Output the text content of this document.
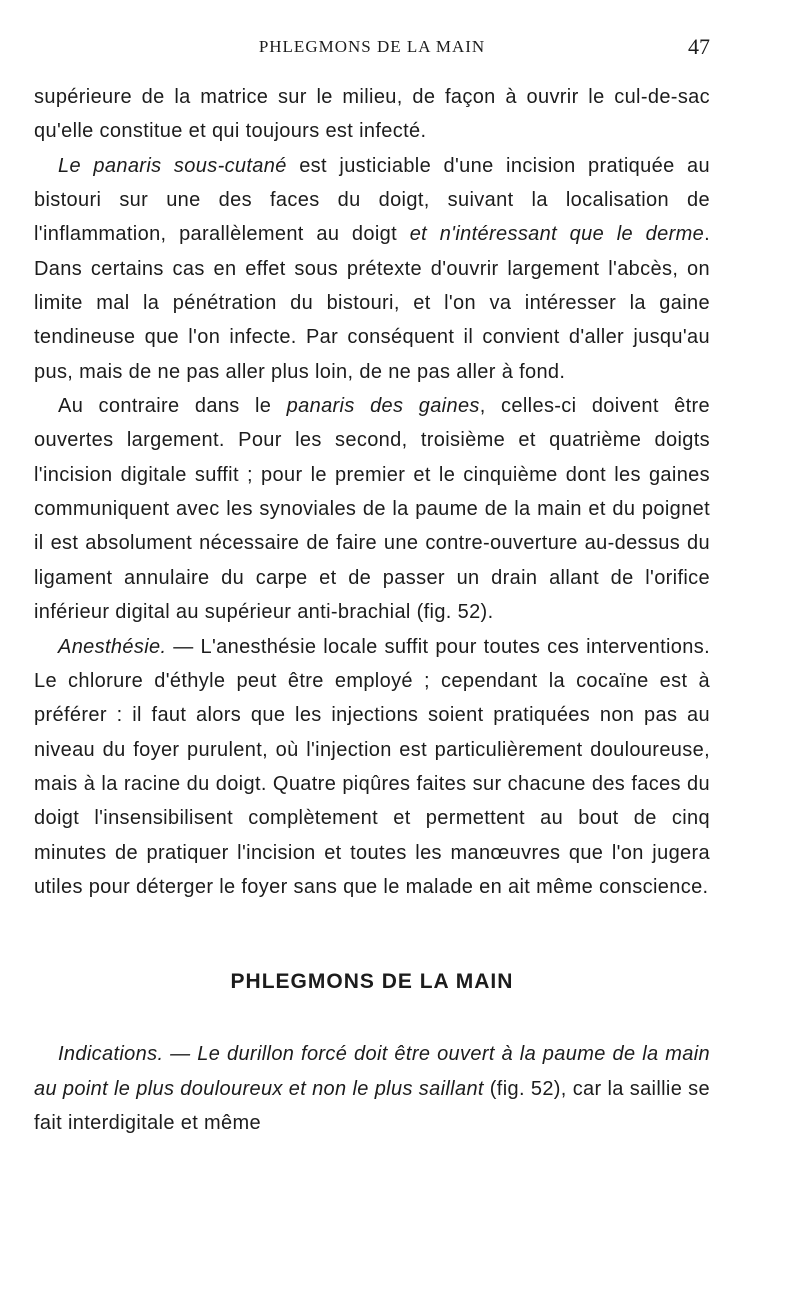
PHLEGMONS DE LA MAIN	47

supérieure de la matrice sur le milieu, de façon à ouvrir le cul-de-sac qu'elle constitue et qui toujours est infecté.

Le panaris sous-cutané est justiciable d'une incision pratiquée au bistouri sur une des faces du doigt, suivant la localisation de l'inflammation, parallèlement au doigt et n'intéressant que le derme. Dans certains cas en effet sous prétexte d'ouvrir largement l'abcès, on limite mal la pénétration du bistouri, et l'on va intéresser la gaine tendineuse que l'on infecte. Par conséquent il convient d'aller jusqu'au pus, mais de ne pas aller plus loin, de ne pas aller à fond.

Au contraire dans le panaris des gaines, celles-ci doivent être ouvertes largement. Pour les second, troisième et quatrième doigts l'incision digitale suffit ; pour le premier et le cinquième dont les gaines communiquent avec les synoviales de la paume de la main et du poignet il est absolument nécessaire de faire une contre-ouverture au-dessus du ligament annulaire du carpe et de passer un drain allant de l'orifice inférieur digital au supérieur anti-brachial (fig. 52).

Anesthésie. — L'anesthésie locale suffit pour toutes ces interventions. Le chlorure d'éthyle peut être employé ; cependant la cocaïne est à préférer : il faut alors que les injections soient pratiquées non pas au niveau du foyer purulent, où l'injection est particulièrement douloureuse, mais à la racine du doigt. Quatre piqûres faites sur chacune des faces du doigt l'insensibilisent complètement et permettent au bout de cinq minutes de pratiquer l'incision et toutes les manœuvres que l'on jugera utiles pour déterger le foyer sans que le malade en ait même conscience.

PHLEGMONS DE LA MAIN

Indications. — Le durillon forcé doit être ouvert à la paume de la main au point le plus douloureux et non le plus saillant (fig. 52), car la saillie se fait interdigitale et même
